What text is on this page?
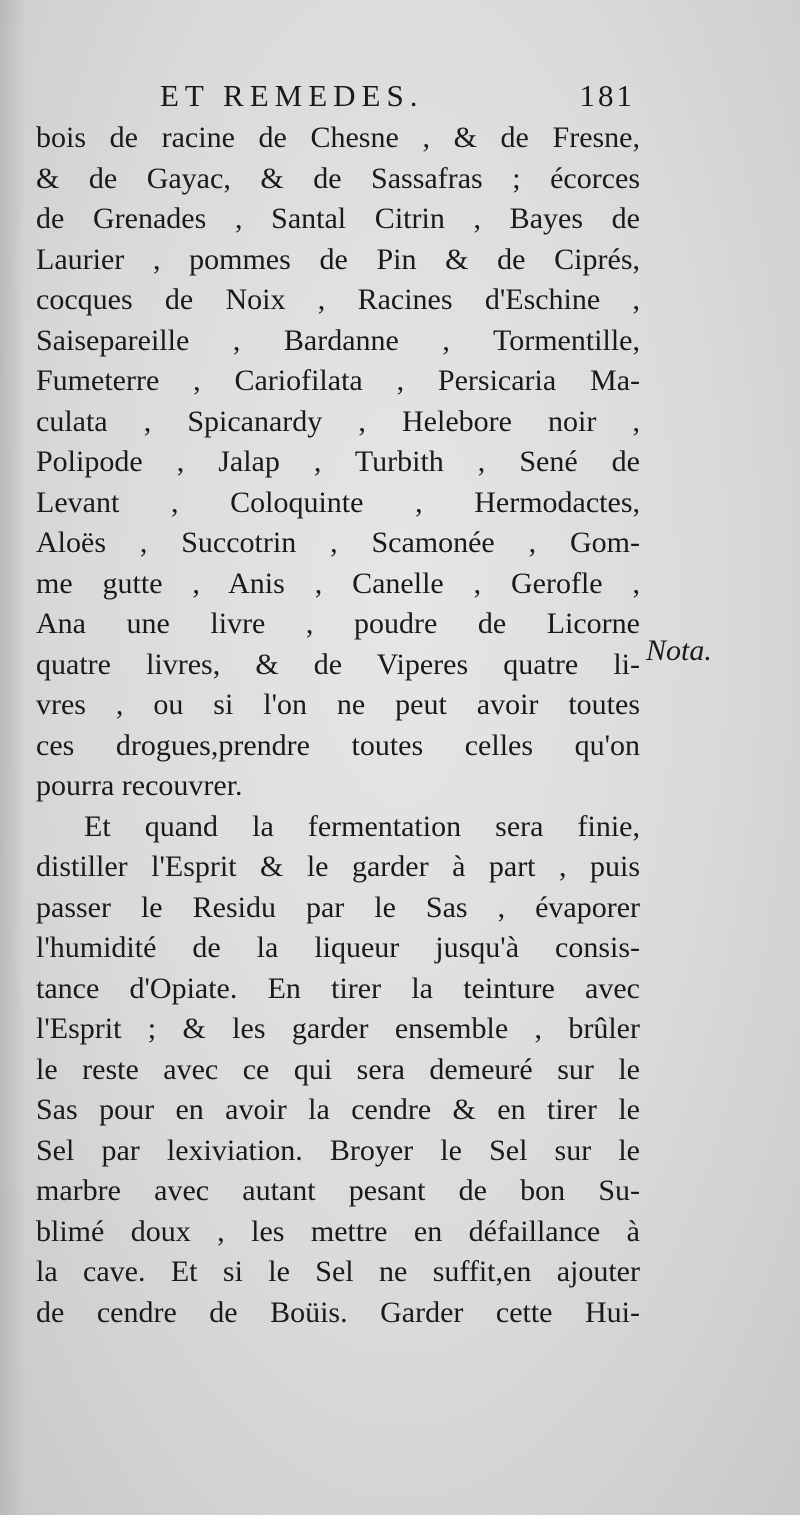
ET REMEDES.	181
bois de racine de Chesne , & de Fresne,
& de Gayac, & de Sassafras ; écorces
de Grenades , Santal Citrin , Bayes de
Laurier , pommes de Pin & de Ciprés,
cocques de Noix , Racines d'Eschine ,
Saisepareille , Bardanne , Tormentille,
Fumeterre , Cariofilata , Persicaria Ma-
culata , Spicanardy , Helebore noir ,
Polipode , Jalap , Turbith , Sené de
Levant , Coloquinte , Hermodactes,
Aloës , Succotrin , Scamonée , Gom-
me gutte , Anis , Canelle , Gerofle ,
Ana une livre , poudre de Licorne
quatre livres, & de Viperes quatre li-
vres , ou si l'on ne peut avoir toutes
ces drogues,prendre toutes celles qu'on
pourra recouvrer.
Et quand la fermentation sera finie,
distiller l'Esprit & le garder à part , puis
passer le Residu par le Sas , évaporer
l'humidité de la liqueur jusqu'à consis-
tance d'Opiate. En tirer la teinture avec
l'Esprit ; & les garder ensemble , brûler
le reste avec ce qui sera demeuré sur le
Sas pour en avoir la cendre & en tirer le
Sel par lexiviation. Broyer le Sel sur le
marbre avec autant pesant de bon Su-
blimé doux , les mettre en défaillance à
la cave. Et si le Sel ne suffit,en ajouter
de cendre de Boüis. Garder cette Hui-
Nota.
